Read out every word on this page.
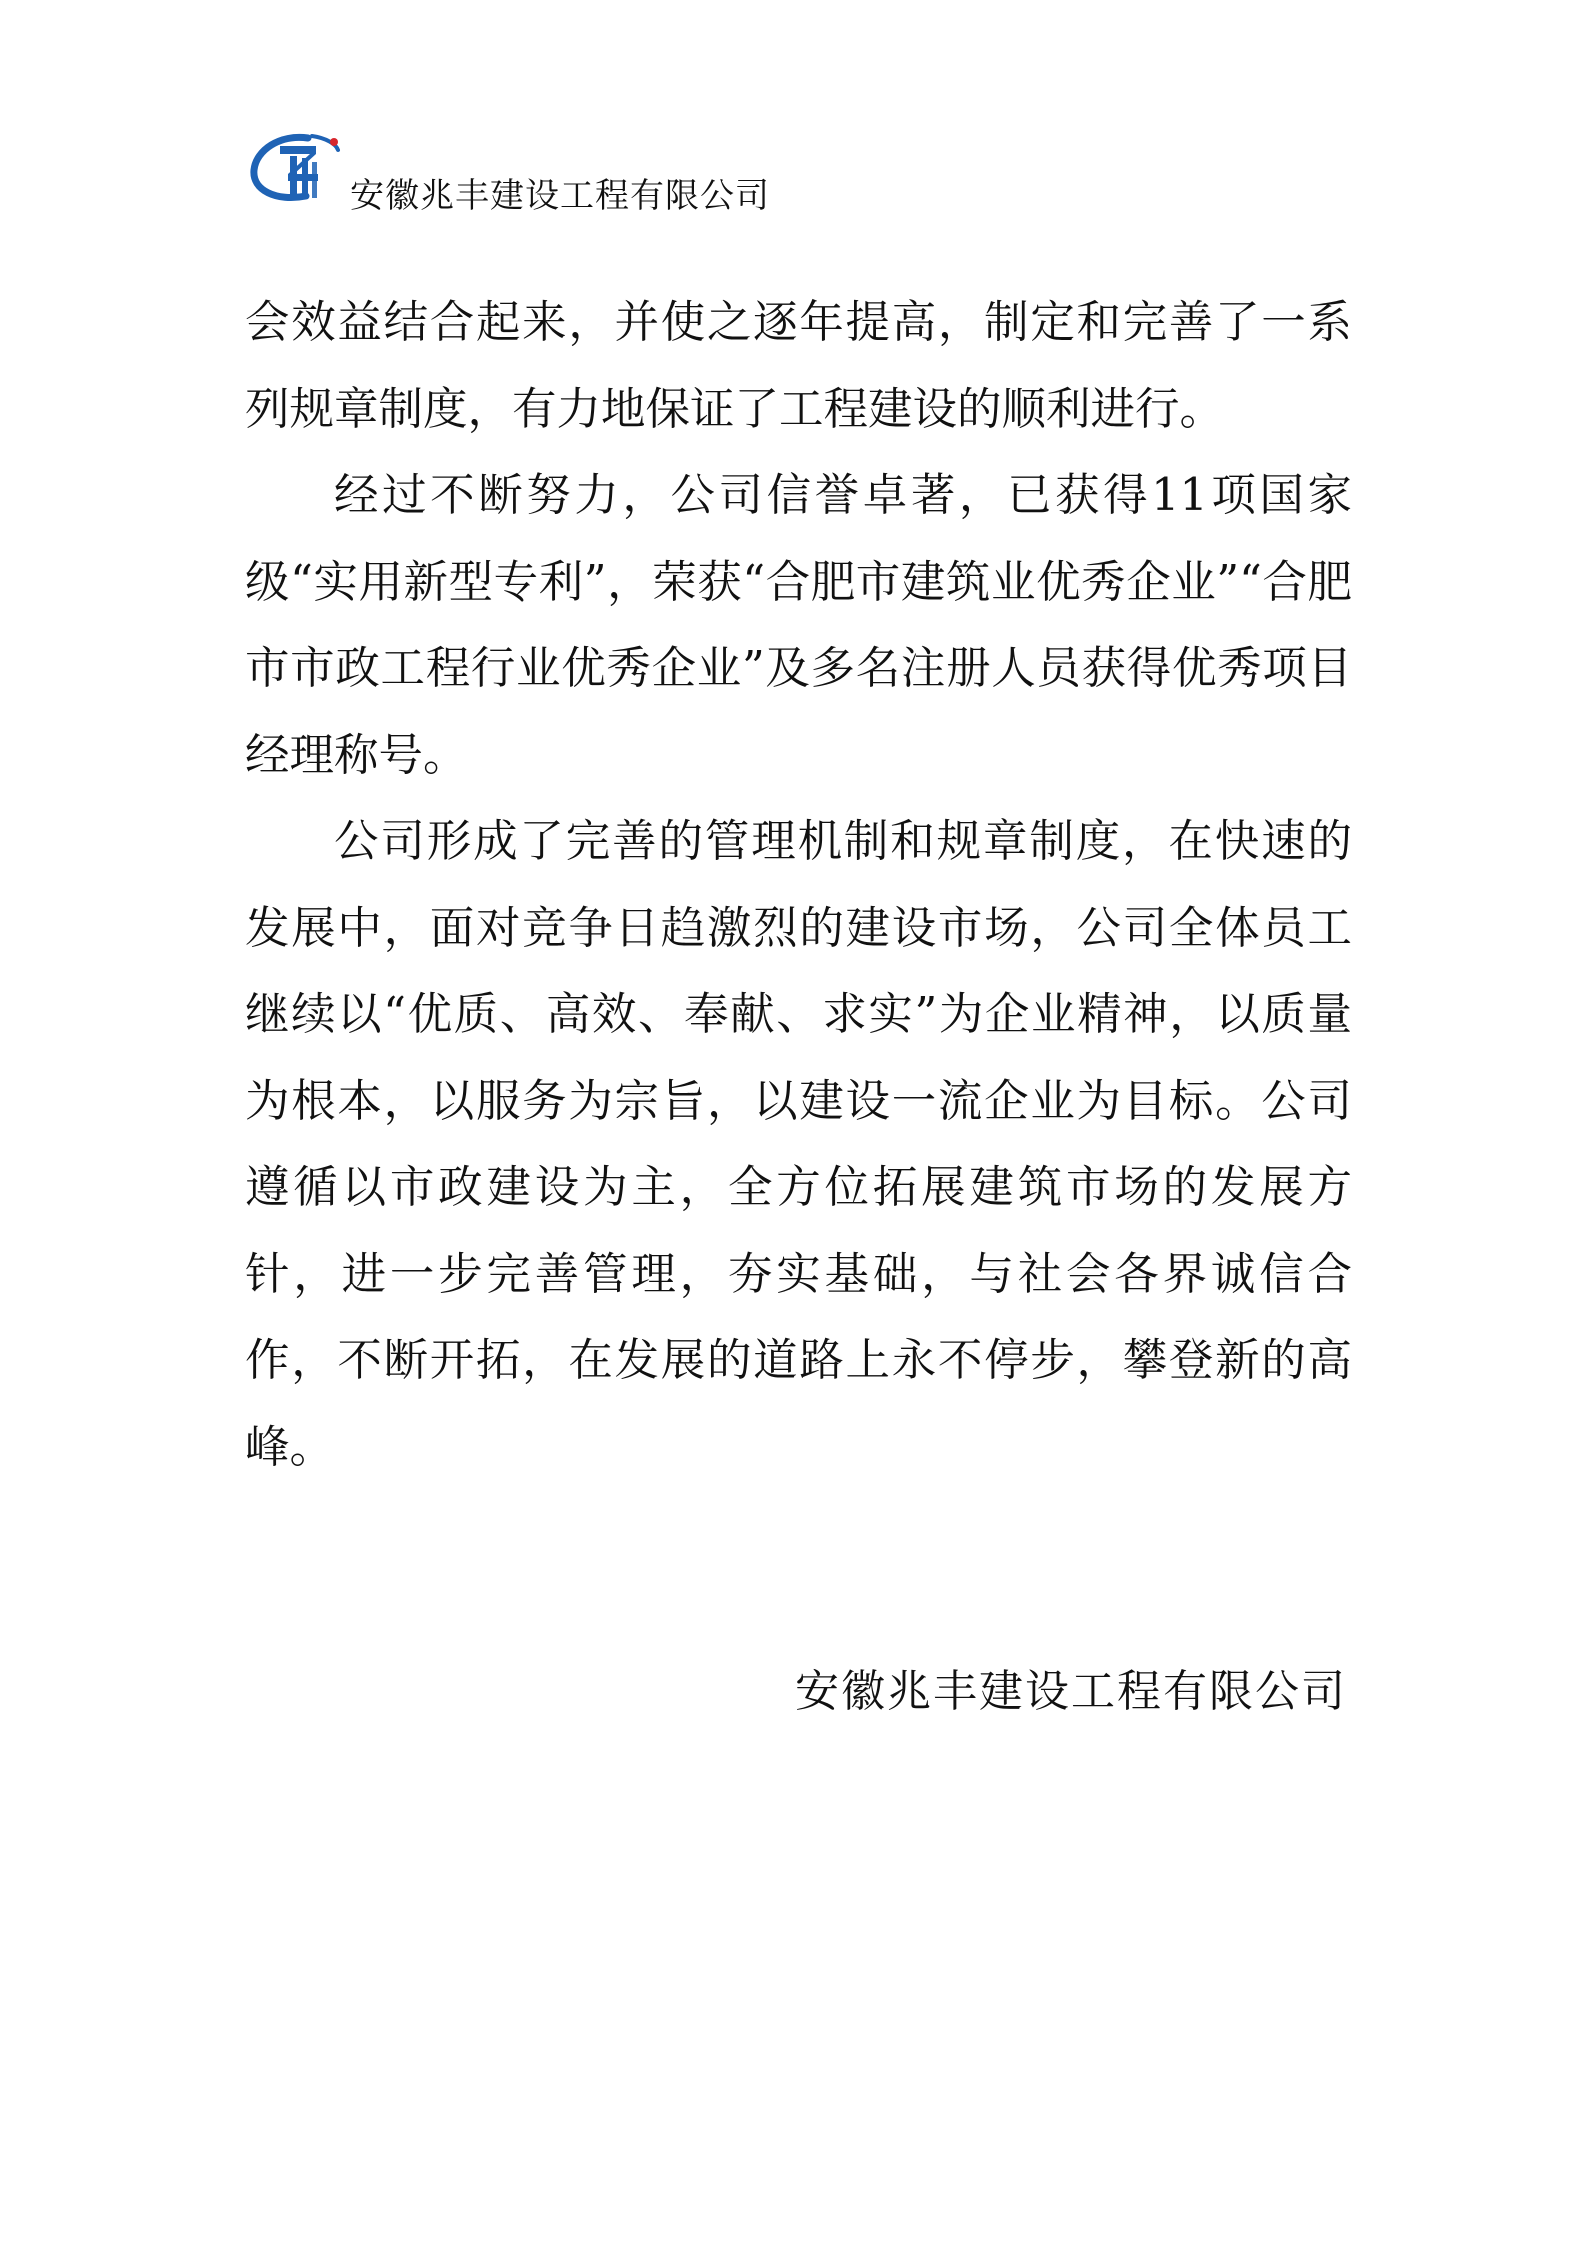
安徽兆丰建设工程有限公司

会效益结合起来，并使之逐年提高，制定和完善了一系列规章制度，有力地保证了工程建设的顺利进行。

经过不断努力，公司信誉卓著，已获得11项国家级“实用新型专利”，荣获“合肥市建筑业优秀企业”“合肥市市政工程行业优秀企业”及多名注册人员获得优秀项目经理称号。

公司形成了完善的管理机制和规章制度，在快速的发展中，面对竞争日趋激烈的建设市场，公司全体员工继续以“优质、高效、奉献、求实”为企业精神，以质量为根本，以服务为宗旨，以建设一流企业为目标。公司遵循以市政建设为主，全方位拓展建筑市场的发展方针，进一步完善管理，夯实基础，与社会各界诚信合作，不断开拓，在发展的道路上永不停步，攀登新的高峰。

安徽兆丰建设工程有限公司
